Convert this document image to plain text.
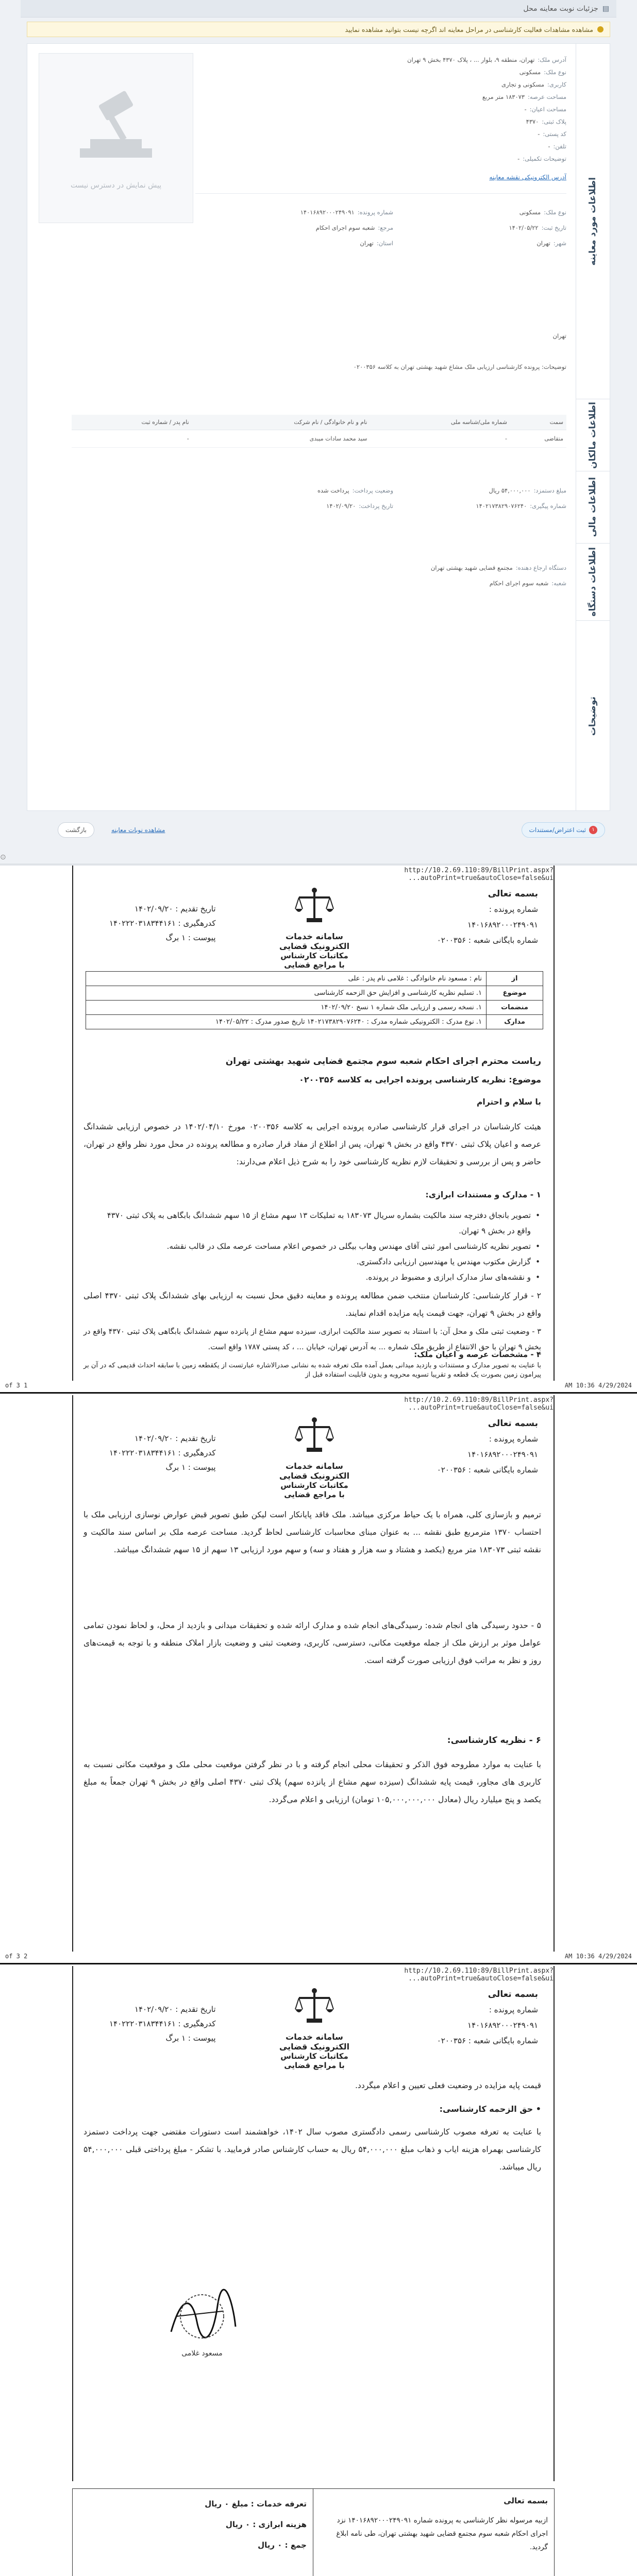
▤
جزئیات نوبت معاینه محل
مشاهده مشاهدات فعالیت کارشناسی در مراحل معاینه اند اگرچه نیست بتوانید مشاهده نمایید
اطلاعات مورد معاینه
اطلاعات مالکان
اطلاعات مالی
اطلاعات دستگاه
توضیحات
آدرس ملک:تهران، منطقه ۹، بلوار ... ، پلاک ۴۳۷۰ بخش ۹ تهران
نوع ملک:مسکونی
کاربری:مسکونی و تجاری
مساحت عرصه:۱۸۳۰۷۳ متر مربع
مساحت اعیان:-
پلاک ثبتی:۴۳۷۰
کد پستی:-
تلفن:-
توضیحات تکمیلی:-
پیش نمایش در دسترس نیست
آدرس الکترونیکی نقشه معاینه
نوع ملک:مسکونی
شماره پرونده:۱۴۰۱۶۸۹۲۰۰۰۲۴۹۰۹۱
تاریخ ثبت:۱۴۰۲/۰۵/۲۲
مرجع:شعبه سوم اجرای احکام
شهر:تهران
استان:تهران
تهران
توضیحات: پرونده کارشناسی ارزیابی ملک مشاع شهید بهشتی تهران به کلاسه ۰۲۰۰۳۵۶
سمت	شماره ملی/شناسه ملی	نام و نام خانوادگی / نام شرکت	نام پدر / شماره ثبت
متقاضی	-	سید محمد سادات میبدی	-
مبلغ دستمزد:۵۴,۰۰۰,۰۰۰ ریال
وضعیت پرداخت:پرداخت شده
شماره پیگیری:۱۴۰۲۱۷۳۸۲۹۰۷۶۲۴۰
تاریخ پرداخت:۱۴۰۲/۰۹/۲۰
دستگاه ارجاع دهنده:مجتمع قضایی شهید بهشتی تهران
شعبه:شعبه سوم اجرای احکام
۱
ثبت اعتراض/مستندات
مشاهده نوبات معاینه
بازگشت
⊙
http://10.2.69.110:89/BillPrint.aspx?autoPrint=true&autoClose=false&ui...
بسمه تعالی
شماره پرونده :
۱۴۰۱۶۸۹۲۰۰۰۲۴۹۰۹۱
شماره بایگانی شعبه : ۰۲۰۰۳۵۶
سامانه خدمات الکترونیک قضایی
مکاتبات کارشناس با مراجع قضایی
تاریخ تقدیم : ۱۴۰۲/۰۹/۲۰
کدرهگیری : ۱۴۰۲۲۲۰۳۱۸۳۴۴۱۶۱
پیوست : ۱ برگ
از	نام : مسعود نام خانوادگی : غلامی نام پدر : علی
موضوع	۱. تسلیم نظریه کارشناسی و افزایش حق الزحمه کارشناسی
منضمات	۱. نسخه رسمی و ارزیابی ملک شماره ۱ نسخ ۱۴۰۲/۰۹/۲۰
مدارک	۱. نوع مدرک : الکترونیکی شماره مدرک : ۱۴۰۲۱۷۳۸۲۹۰۷۶۲۴۰ تاریخ صدور مدرک : ۱۴۰۲/۰۵/۲۲
ریاست محترم اجرای احکام شعبه سوم مجتمع قضایی شهید بهشتی تهران
موضوع: نظریه کارشناسی پرونده اجرایی به کلاسه ۰۲۰۰۳۵۶
با سلام و احترام
هیئت کارشناسان در اجرای قرار کارشناسی صادره پرونده اجرایی به کلاسه ۰۲۰۰۳۵۶ مورخ ۱۴۰۲/۰۴/۱۰ در خصوص ارزیابی ششدانگ عرصه و اعیان پلاک ثبتی ۴۳۷۰ واقع در بخش ۹ تهران، پس از اطلاع از مفاد قرار صادره و مطالعه پرونده در محل مورد نظر واقع در تهران، حاضر و پس از بررسی و تحقیقات لازم نظریه کارشناسی خود را به شرح ذیل اعلام می‌دارند:
۱ - مدارک و مستندات ابرازی:
• تصویر بانجاق دفترچه سند مالکیت بشماره سریال ۱۸۳۰۷۳ به تملیکات ۱۳ سهم مشاع از ۱۵ سهم ششدانگ بابگاهی به پلاک ثبتی ۴۳۷۰ واقع در بخش ۹ تهران.
• تصویر نظریه کارشناسی امور ثبتی آقای مهندس وهاب بیگلی در خصوص اعلام مساحت عرصه ملک در قالب نقشه.
• گزارش مکتوب مهندس یا مهندسین ارزیابی دادگستری.
• و نقشه‌های ساز مدارک ابرازی و مضبوط در پرونده.
۲ - قرار کارشناسی: کارشناسان منتخب ضمن مطالعه پرونده و معاینه دقیق محل نسبت به ارزیابی بهای ششدانگ پلاک ثبتی ۴۳۷۰ اصلی واقع در بخش ۹ تهران، جهت قیمت پایه مزایده اقدام نمایند.
۳ - وضعیت ثبتی ملک و محل آن: با استناد به تصویر سند مالکیت ابرازی، سیزده سهم مشاع از پانزده سهم ششدانگ بابگاهی پلاک ثبتی ۴۳۷۰ واقع در بخش ۹ تهران با حق الانتفاع از طریق ملک شماره ... به آدرس تهران، خیابان ... ، کد پستی ۱۷۸۷ واقع است.
۴ - مشخصات عرصه و اعیان ملک:
با عنایت به تصویر مدارک و مستندات و بازدید میدانی بعمل آمده ملک تعرفه شده به نشانی صدرالاشاره عبارتست از یکقطعه زمین با سابقه احداث قدیمی که در آن بر پیرامون زمین بصورت یک قطعه و تقریبا تسویه محروبه و بدون قابلیت استفاده قبل از
4/29/2024 10:36 AM
1 of 3
http://10.2.69.110:89/BillPrint.aspx?autoPrint=true&autoClose=false&ui...
بسمه تعالی
شماره پرونده :
۱۴۰۱۶۸۹۲۰۰۰۲۴۹۰۹۱
شماره بایگانی شعبه : ۰۲۰۰۳۵۶
سامانه خدمات الکترونیک قضایی
مکاتبات کارشناس با مراجع قضایی
تاریخ تقدیم : ۱۴۰۲/۰۹/۲۰
کدرهگیری : ۱۴۰۲۲۲۰۳۱۸۳۴۴۱۶۱
پیوست : ۱ برگ
ترمیم و بازسازی کلی، همراه با یک حیاط مرکزی میباشد. ملک فاقد پایانکار است لیکن طبق تصویر قبض عوارض نوسازی ارزیابی ملک با احتساب ۱۳۷۰ مترمربع طبق نقشه ... به عنوان مبنای محاسبات کارشناسی لحاظ گردید. مساحت عرصه ملک بر اساس سند مالکیت و نقشه ثبتی ۱۸۳۰۷۳ متر مربع (یکصد و هشتاد و سه هزار و هفتاد و سه) و سهم مورد ارزیابی ۱۳ سهم از ۱۵ سهم ششدانگ میباشد.
۵ - حدود رسیدگی های انجام شده: رسیدگی‌های انجام شده و مدارک ارائه شده و تحقیقات میدانی و بازدید از محل، و لحاظ نمودن تمامی عوامل موثر بر ارزش ملک از جمله موقعیت مکانی، دسترسی، کاربری، وضعیت ثبتی و وضعیت بازار املاک منطقه و با توجه به قیمت‌های روز و نظر به مراتب فوق ارزیابی صورت گرفته است.
۶ - نظریه کارشناسی:
با عنایت به موارد مطروحه فوق الذکر و تحقیقات محلی انجام گرفته و با در نظر گرفتن موقعیت محلی ملک و موقعیت مکانی نسبت به کاربری های مجاور، قیمت پایه ششدانگ (سیزده سهم مشاع از پانزده سهم) پلاک ثبتی ۴۳۷۰ اصلی واقع در بخش ۹ تهران جمعاً به مبلغ یکصد و پنج میلیارد ریال (معادل ۱۰۵,۰۰۰,۰۰۰,۰۰۰ تومان) ارزیابی و اعلام می‌گردد.
4/29/2024 10:36 AM
2 of 3
http://10.2.69.110:89/BillPrint.aspx?autoPrint=true&autoClose=false&ui...
بسمه تعالی
شماره پرونده :
۱۴۰۱۶۸۹۲۰۰۰۲۴۹۰۹۱
شماره بایگانی شعبه : ۰۲۰۰۳۵۶
سامانه خدمات الکترونیک قضایی
مکاتبات کارشناس با مراجع قضایی
تاریخ تقدیم : ۱۴۰۲/۰۹/۲۰
کدرهگیری : ۱۴۰۲۲۲۰۳۱۸۳۴۴۱۶۱
پیوست : ۱ برگ
قیمت پایه مزایده در وضعیت فعلی تعیین و اعلام میگردد.
• حق الزحمه کارشناسی:
با عنایت به تعرفه مصوب کارشناسی رسمی دادگستری مصوب سال ۱۴۰۲، خواهشمند است دستورات مقتضی جهت پرداخت دستمزد کارشناسی بهمراه هزینه ایاب و ذهاب مبلغ ۵۴,۰۰۰,۰۰۰ ریال به حساب کارشناس صادر فرمایید. با تشکر - مبلغ پرداختی قبلی ۵۴,۰۰۰,۰۰۰ ریال میباشد.
مسعود غلامی
بسمه تعالی
ازبیه مرسوله نظر کارشناسی به پرونده شماره ۱۴۰۱۶۸۹۲۰۰۰۲۴۹۰۹۱ نزد اجرای احکام شعبه سوم مجتمع قضایی شهید بهشتی تهران، طی نامه ابلاغ گردید.
تعرفه خدمات : مبلغ ۰ ریال
هزینه ابرازی : ۰ ریال
جمع : ۰ ریال
